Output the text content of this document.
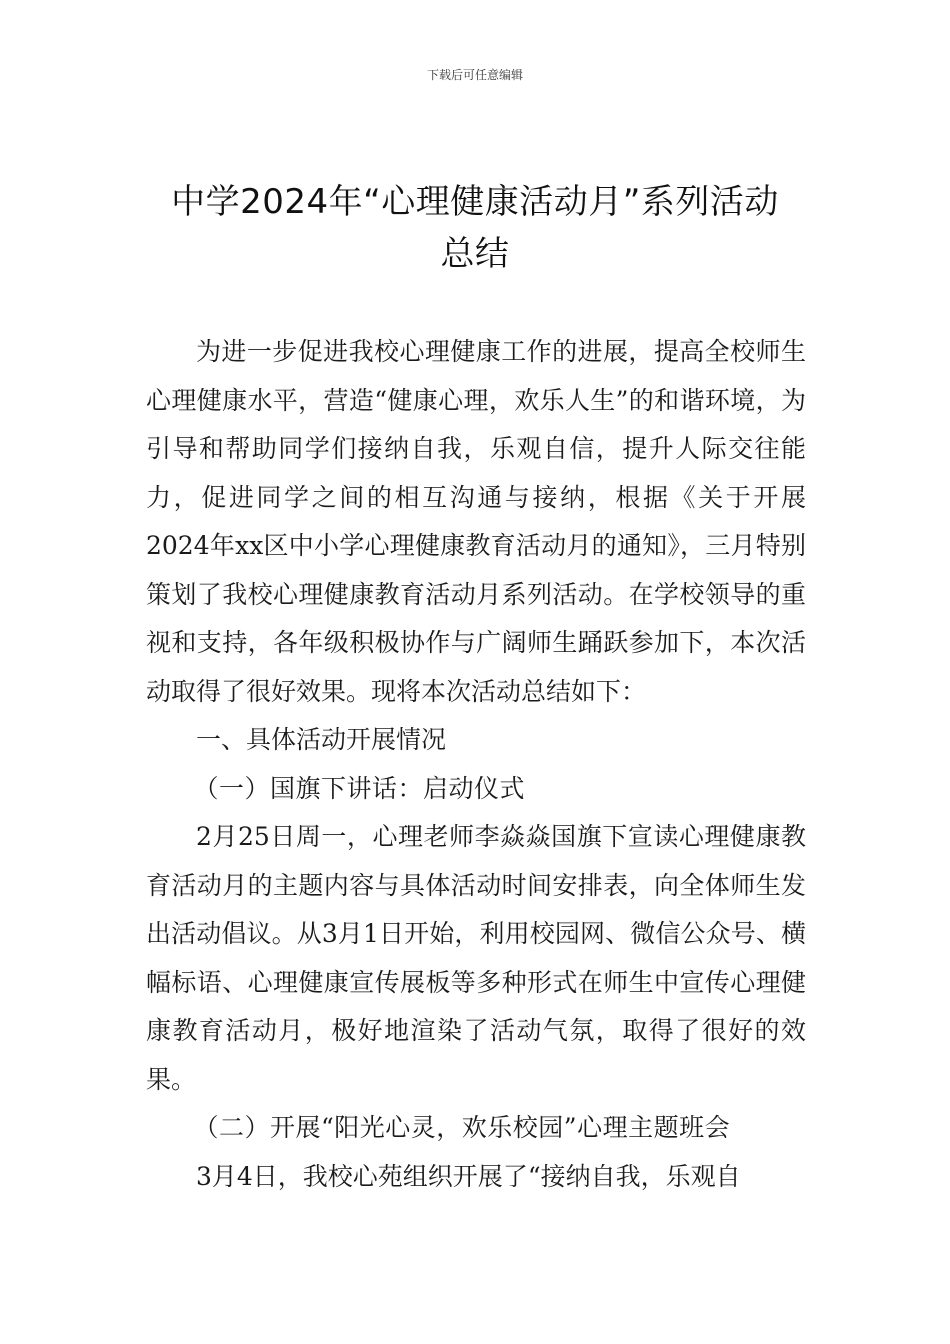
下载后可任意编辑
中学2024年“心理健康活动月”系列活动
总结

为进一步促进我校心理健康工作的进展，提高全校师生心理健康水平，营造“健康心理，欢乐人生”的和谐环境，为引导和帮助同学们接纳自我，乐观自信，提升人际交往能力，促进同学之间的相互沟通与接纳，根据《关于开展2024年xx区中小学心理健康教育活动月的通知》，三月特别策划了我校心理健康教育活动月系列活动。在学校领导的重视和支持，各年级积极协作与广阔师生踊跃参加下，本次活动取得了很好效果。现将本次活动总结如下：

一、具体活动开展情况

（一）国旗下讲话：启动仪式

2月25日周一，心理老师李焱焱国旗下宣读心理健康教育活动月的主题内容与具体活动时间安排表，向全体师生发出活动倡议。从3月1日开始，利用校园网、微信公众号、横幅标语、心理健康宣传展板等多种形式在师生中宣传心理健康教育活动月，极好地渲染了活动气氛，取得了很好的效果。

（二）开展“阳光心灵，欢乐校园”心理主题班会

3月4日，我校心苑组织开展了“接纳自我，乐观自
